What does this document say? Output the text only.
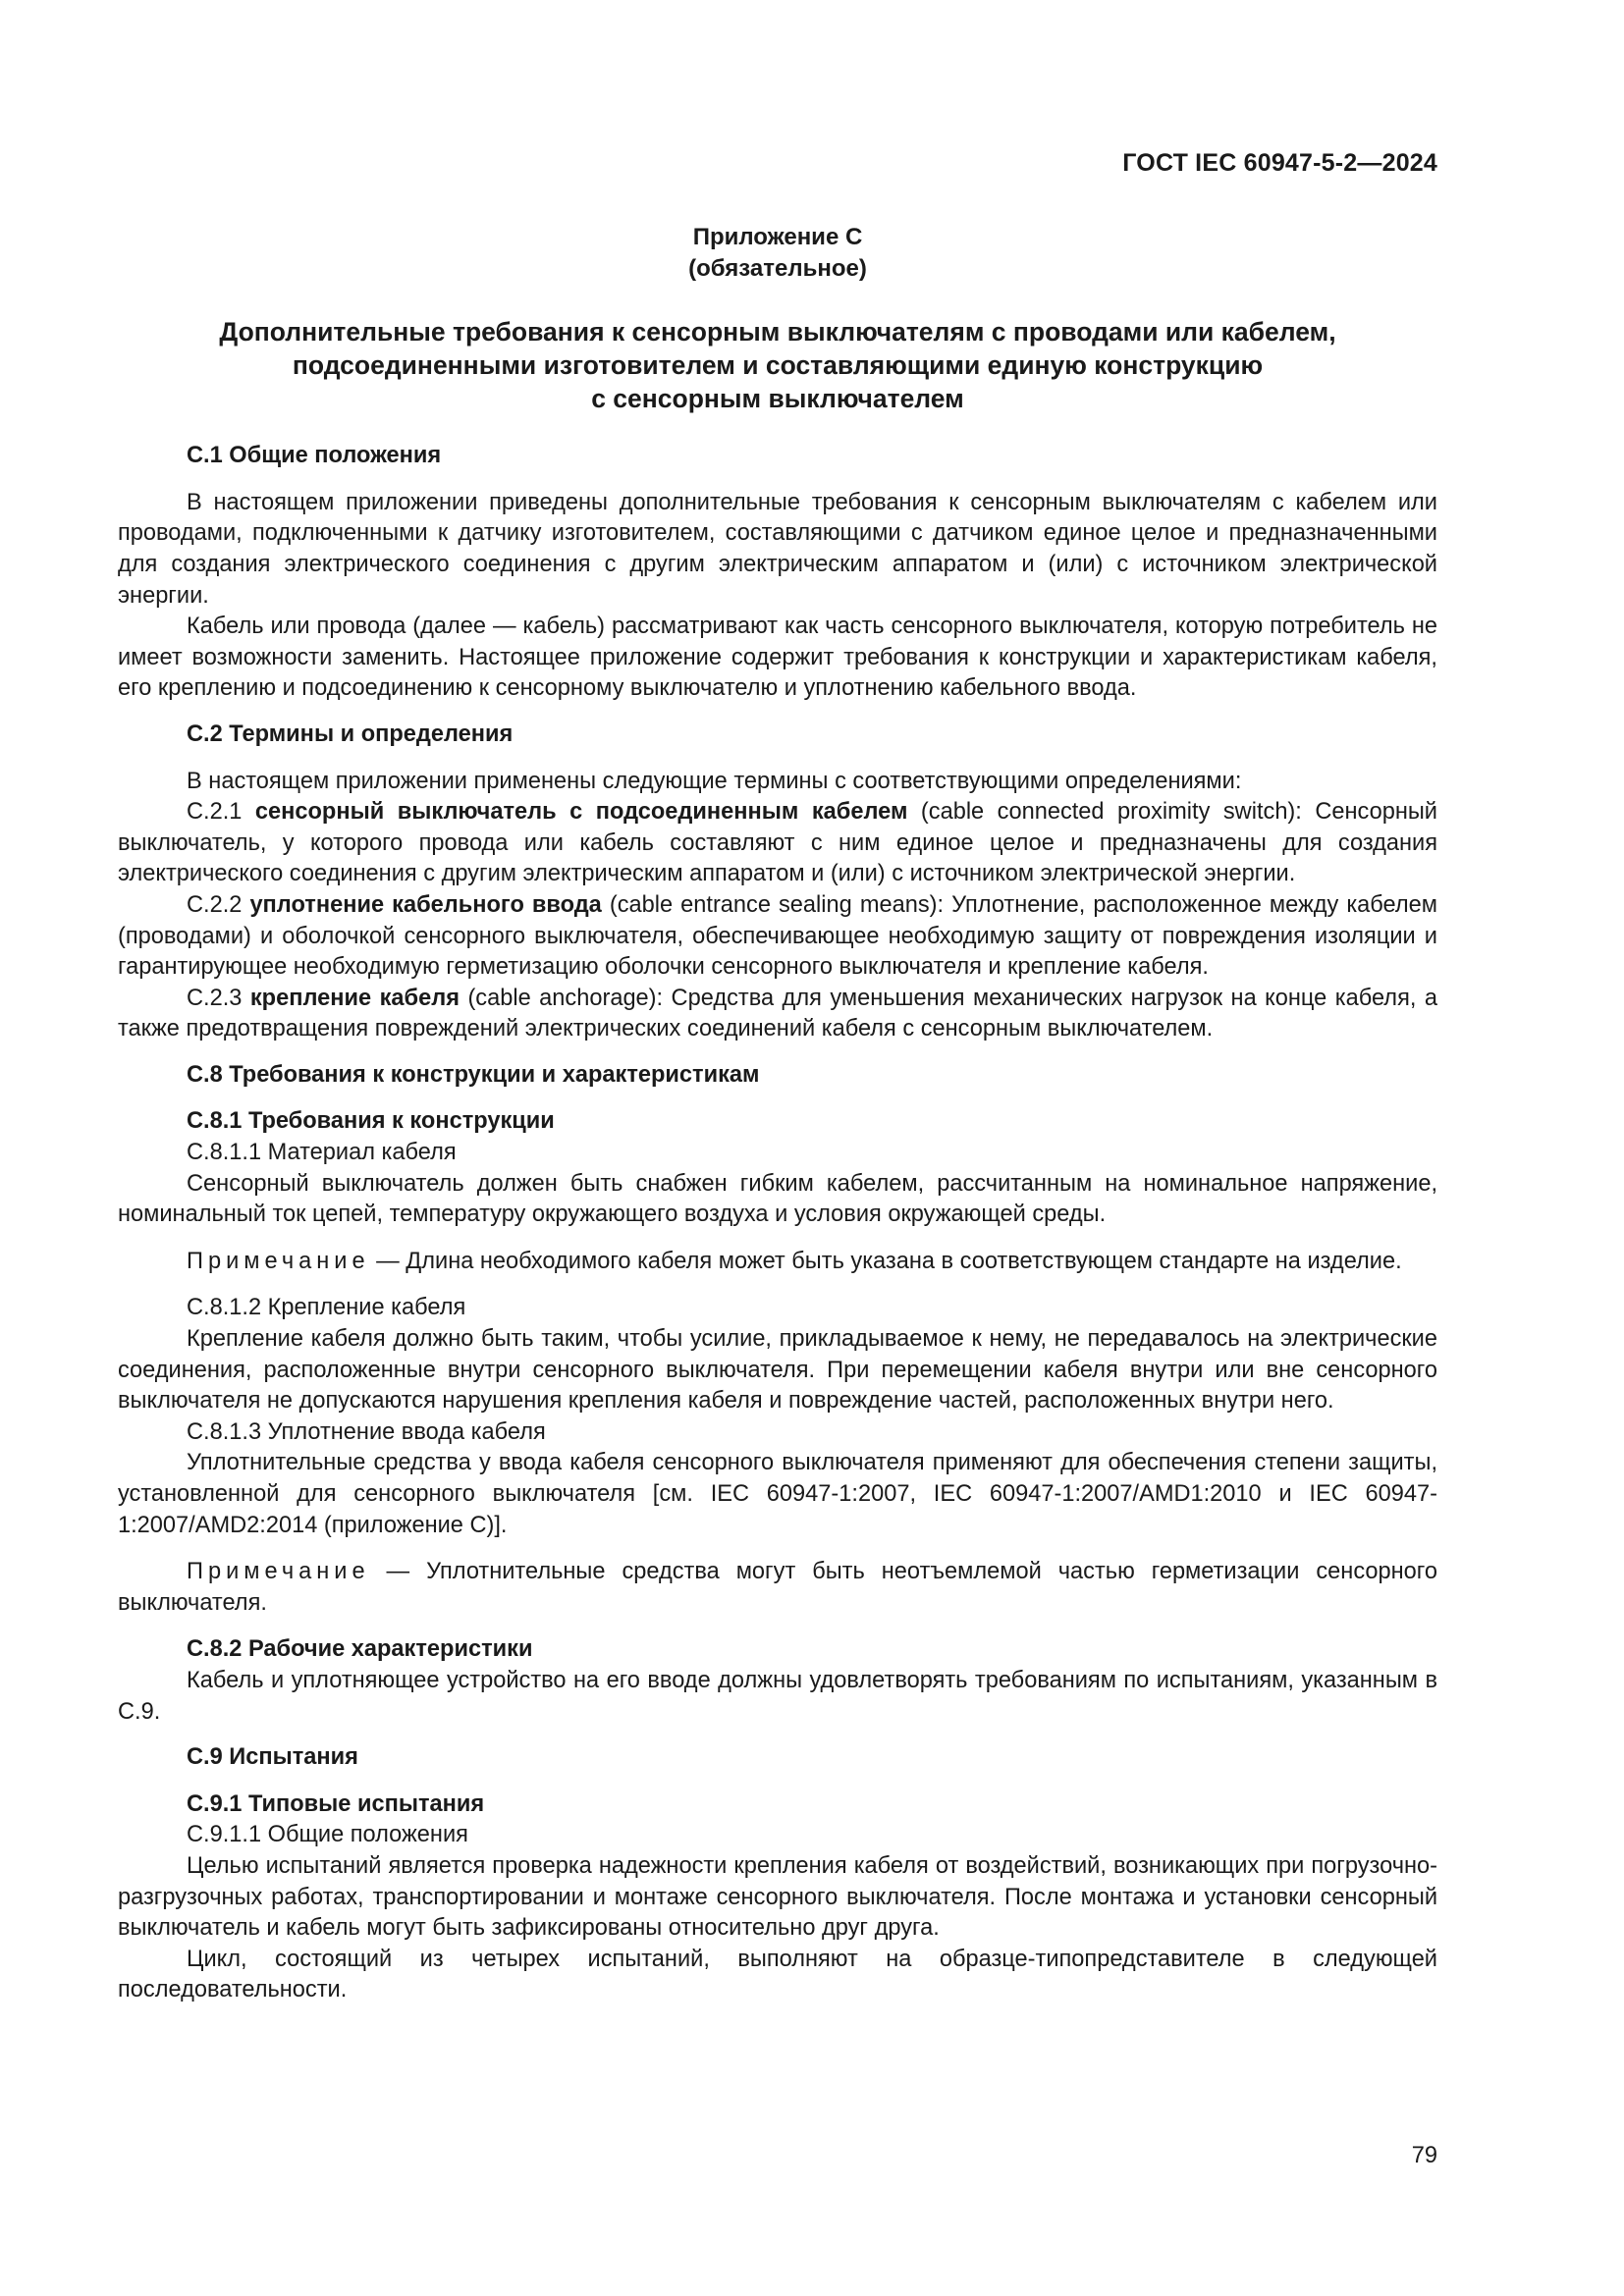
ГОСТ IEC 60947-5-2—2024
Приложение С
(обязательное)
Дополнительные требования к сенсорным выключателям с проводами или кабелем,
подсоединенными изготовителем и составляющими единую конструкцию
с сенсорным выключателем
С.1 Общие положения

В настоящем приложении приведены дополнительные требования к сенсорным выключателям с кабелем или проводами, подключенными к датчику изготовителем, составляющими с датчиком единое целое и предназначенными для создания электрического соединения с другим электрическим аппаратом и (или) с источником электрической энергии.

Кабель или провода (далее — кабель) рассматривают как часть сенсорного выключателя, которую потребитель не имеет возможности заменить. Настоящее приложение содержит требования к конструкции и характеристикам кабеля, его креплению и подсоединению к сенсорному выключателю и уплотнению кабельного ввода.

С.2 Термины и определения

В настоящем приложении применены следующие термины с соответствующими определениями:

С.2.1 сенсорный выключатель с подсоединенным кабелем (cable connected proximity switch): Сенсорный выключатель, у которого провода или кабель составляют с ним единое целое и предназначены для создания электрического соединения с другим электрическим аппаратом и (или) с источником электрической энергии.

С.2.2 уплотнение кабельного ввода (cable entrance sealing means): Уплотнение, расположенное между кабелем (проводами) и оболочкой сенсорного выключателя, обеспечивающее необходимую защиту от повреждения изоляции и гарантирующее необходимую герметизацию оболочки сенсорного выключателя и крепление кабеля.

С.2.3 крепление кабеля (cable anchorage): Средства для уменьшения механических нагрузок на конце кабеля, а также предотвращения повреждений электрических соединений кабеля с сенсорным выключателем.

С.8 Требования к конструкции и характеристикам
С.8.1 Требования к конструкции

С.8.1.1 Материал кабеля

Сенсорный выключатель должен быть снабжен гибким кабелем, рассчитанным на номинальное напряжение, номинальный ток цепей, температуру окружающего воздуха и условия окружающей среды.

Примечание — Длина необходимого кабеля может быть указана в соответствующем стандарте на изделие.

С.8.1.2 Крепление кабеля

Крепление кабеля должно быть таким, чтобы усилие, прикладываемое к нему, не передавалось на электрические соединения, расположенные внутри сенсорного выключателя. При перемещении кабеля внутри или вне сенсорного выключателя не допускаются нарушения крепления кабеля и повреждение частей, расположенных внутри него.

С.8.1.3 Уплотнение ввода кабеля

Уплотнительные средства у ввода кабеля сенсорного выключателя применяют для обеспечения степени защиты, установленной для сенсорного выключателя [см. IEC 60947-1:2007, IEC 60947-1:2007/AMD1:2010 и IEC 60947-1:2007/AMD2:2014 (приложение С)].

Примечание — Уплотнительные средства могут быть неотъемлемой частью герметизации сенсорного выключателя.
С.8.2 Рабочие характеристики

Кабель и уплотняющее устройство на его вводе должны удовлетворять требованиям по испытаниям, указанным в С.9.

С.9 Испытания
С.9.1 Типовые испытания

С.9.1.1 Общие положения

Целью испытаний является проверка надежности крепления кабеля от воздействий, возникающих при погрузочно-разгрузочных работах, транспортировании и монтаже сенсорного выключателя. После монтажа и установки сенсорный выключатель и кабель могут быть зафиксированы относительно друг друга.

Цикл, состоящий из четырех испытаний, выполняют на образце-типопредставителе в следующей последовательности.

79
